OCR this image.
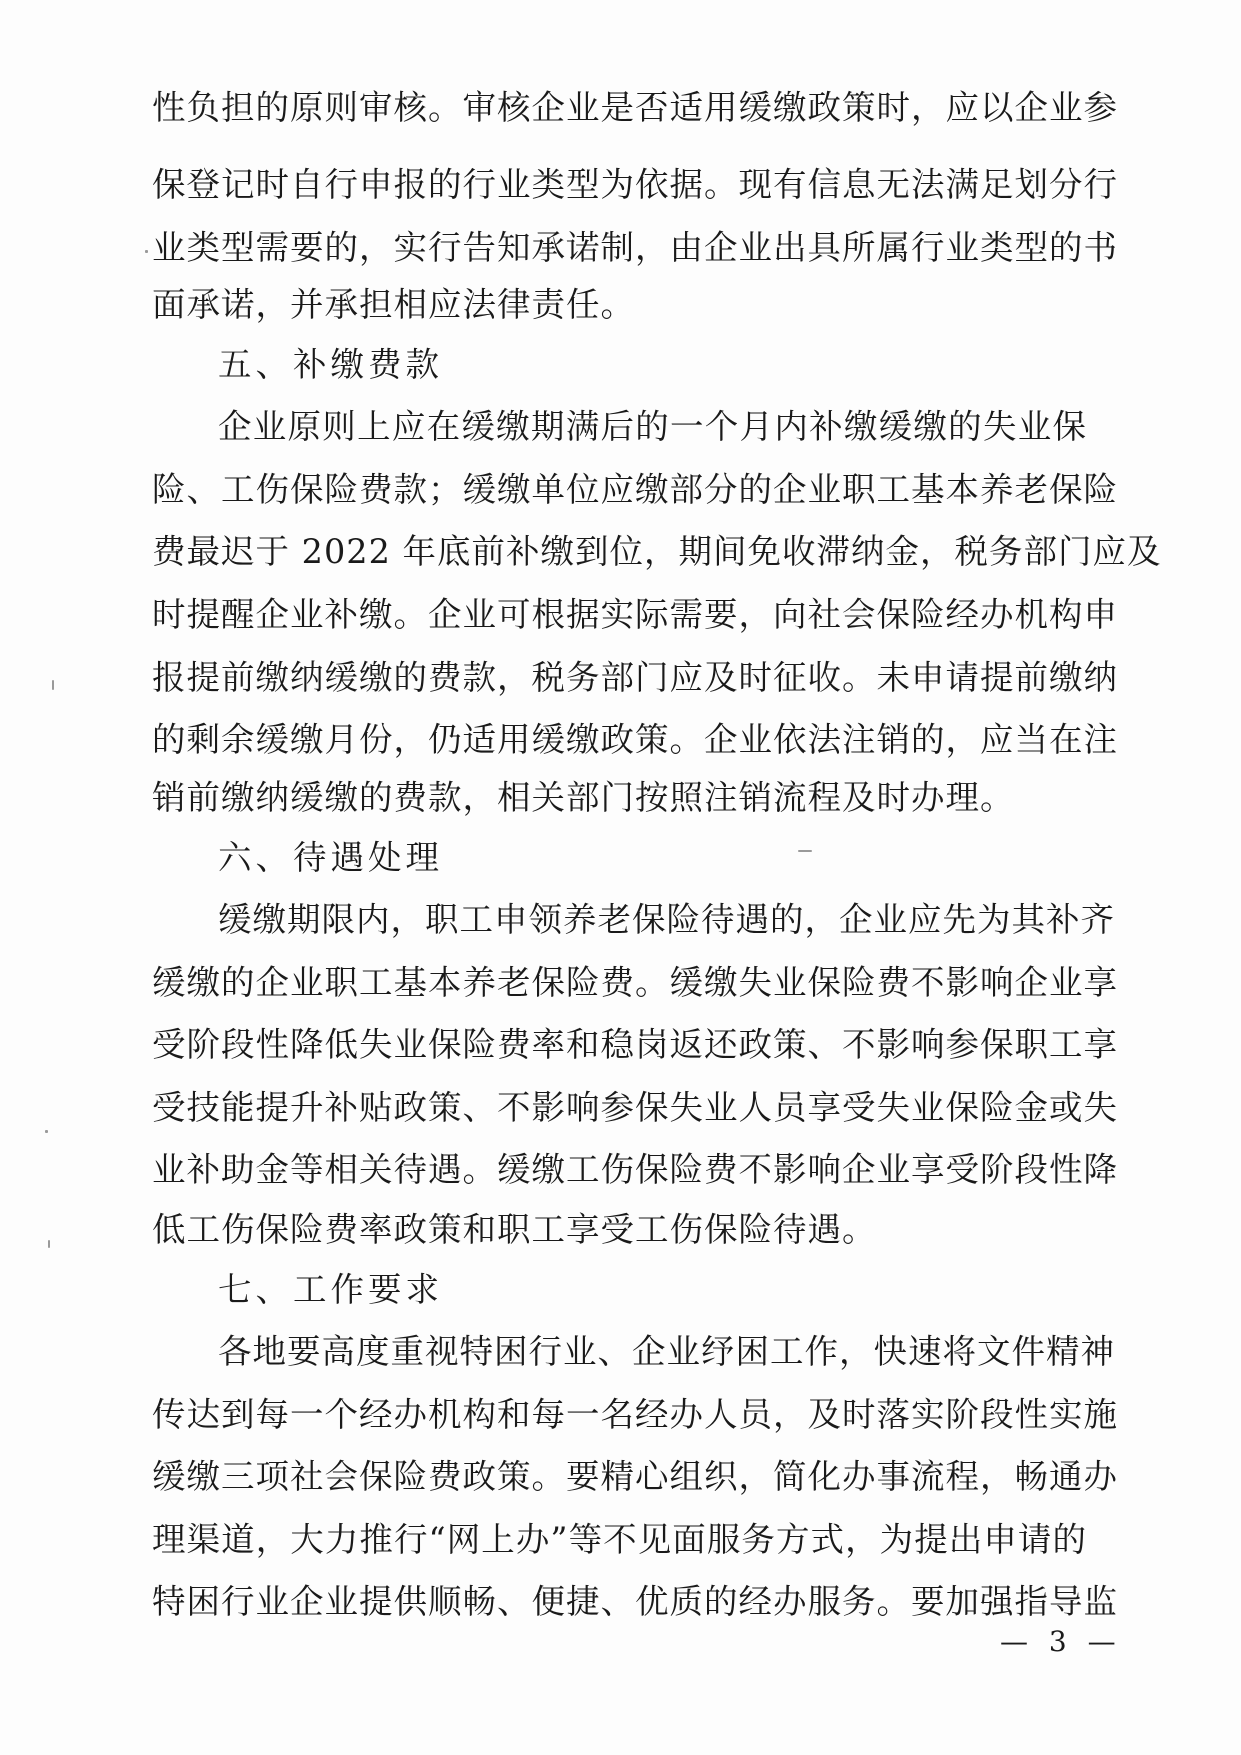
性负担的原则审核。审核企业是否适用缓缴政策时，应以企业参
保登记时自行申报的行业类型为依据。现有信息无法满足划分行
业类型需要的，实行告知承诺制，由企业出具所属行业类型的书
面承诺，并承担相应法律责任。
五、补缴费款
企业原则上应在缓缴期满后的一个月内补缴缓缴的失业保
险、工伤保险费款；缓缴单位应缴部分的企业职工基本养老保险
费最迟于 2022 年底前补缴到位，期间免收滞纳金，税务部门应及
时提醒企业补缴。企业可根据实际需要，向社会保险经办机构申
报提前缴纳缓缴的费款，税务部门应及时征收。未申请提前缴纳
的剩余缓缴月份，仍适用缓缴政策。企业依法注销的，应当在注
销前缴纳缓缴的费款，相关部门按照注销流程及时办理。
六、待遇处理
缓缴期限内，职工申领养老保险待遇的，企业应先为其补齐
缓缴的企业职工基本养老保险费。缓缴失业保险费不影响企业享
受阶段性降低失业保险费率和稳岗返还政策、不影响参保职工享
受技能提升补贴政策、不影响参保失业人员享受失业保险金或失
业补助金等相关待遇。缓缴工伤保险费不影响企业享受阶段性降
低工伤保险费率政策和职工享受工伤保险待遇。
七、工作要求
各地要高度重视特困行业、企业纾困工作，快速将文件精神
传达到每一个经办机构和每一名经办人员，及时落实阶段性实施
缓缴三项社会保险费政策。要精心组织，简化办事流程，畅通办
理渠道，大力推行“网上办”等不见面服务方式，为提出申请的
特困行业企业提供顺畅、便捷、优质的经办服务。要加强指导监
— 3 —
